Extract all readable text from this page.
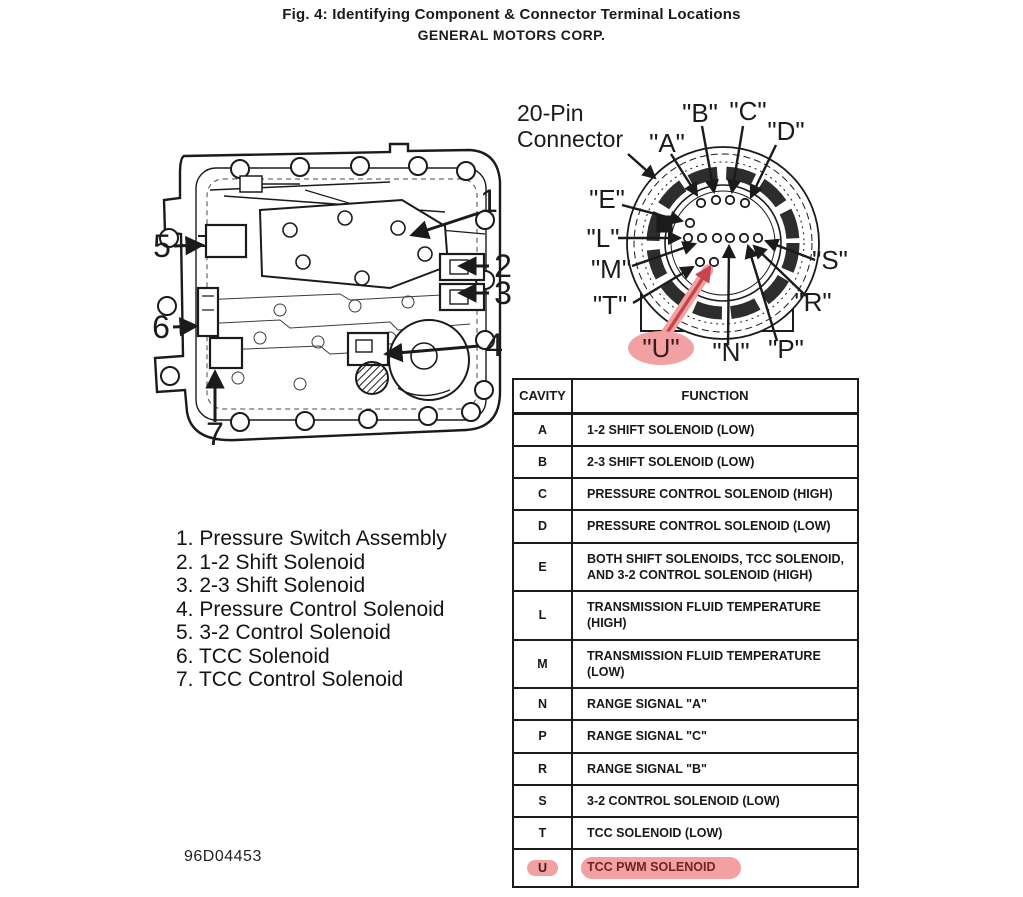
Fig. 4: Identifying Component & Connector Terminal Locations
GENERAL MOTORS CORP.
1
2
3
4
5
6
7
20-Pin
Connector
"B" "C"
"A"	"D"
"E"
"L"
"M"
"T"
"S"
"R"
"U" "N" "P"
1. Pressure Switch Assembly
2. 1-2 Shift Solenoid
3. 2-3 Shift Solenoid
4. Pressure Control Solenoid
5. 3-2 Control Solenoid
6. TCC Solenoid
7. TCC Control Solenoid
CAVITY	FUNCTION
A	1-2 SHIFT SOLENOID (LOW)
B	2-3 SHIFT SOLENOID (LOW)
C	PRESSURE CONTROL SOLENOID (HIGH)
D	PRESSURE CONTROL SOLENOID (LOW)
E	BOTH SHIFT SOLENOIDS, TCC SOLENOID, AND 3-2 CONTROL SOLENOID (HIGH)
L	TRANSMISSION FLUID TEMPERATURE (HIGH)
M	TRANSMISSION FLUID TEMPERATURE (LOW)
N	RANGE SIGNAL "A"
P	RANGE SIGNAL "C"
R	RANGE SIGNAL "B"
S	3-2 CONTROL SOLENOID (LOW)
T	TCC SOLENOID (LOW)
U	TCC PWM SOLENOID
96D04453
